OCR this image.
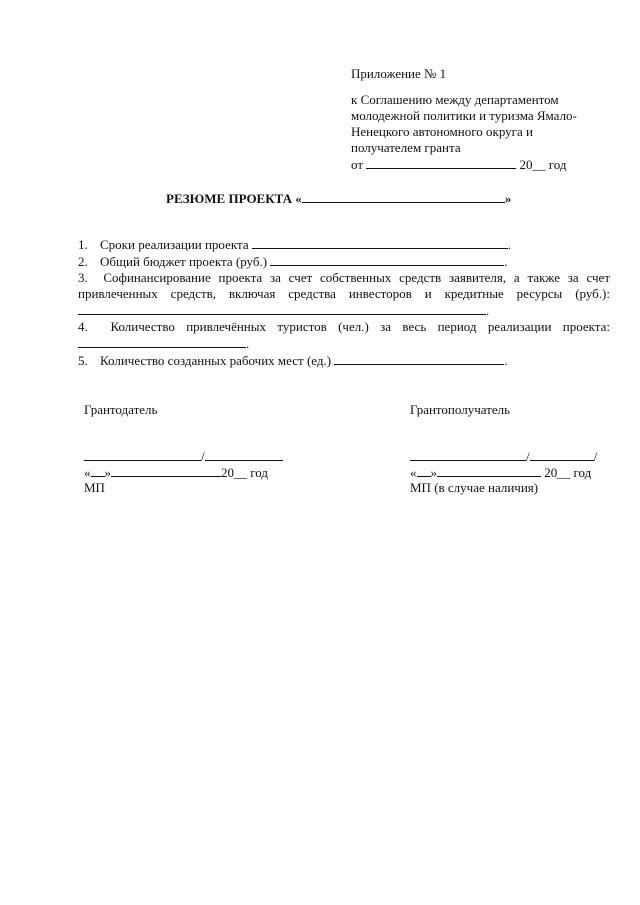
Приложение № 1
к Соглашению между департаментом
молодежной политики и туризма Ямало-
Ненецкого автономного округа и
получателем гранта
от	20__ год
РЕЗЮМЕ ПРОЕКТА «	»
1. Сроки реализации проекта	.
2. Общий бюджет проекта (руб.)	.
3. Софинансирование проекта за счет собственных средств заявителя, а также за счет привлеченных средств, включая средства инвесторов и кредитные ресурсы (руб.):
.
4. Количество привлечённых туристов (чел.) за весь период реализации проекта:
.
5. Количество созданных рабочих мест (ед.)	.
Грантодатель
/
« »	20__ год
МП
Грантополучатель
/	/
« »	20__ год
МП (в случае наличия)
